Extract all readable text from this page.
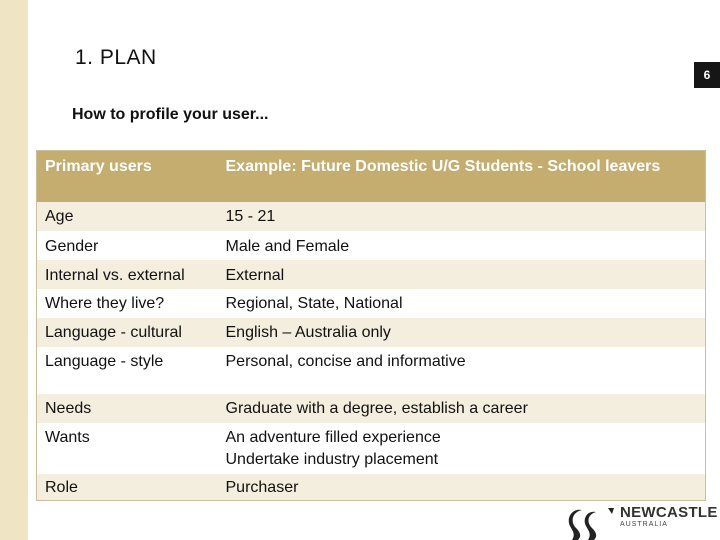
1. PLAN
6
How to profile your user...
Primary users	Example: Future Domestic U/G Students - School leavers
Age	15 - 21
Gender	Male and Female
Internal vs. external	External
Where they live?	Regional, State, National
Language - cultural	English – Australia only
Language - style	Personal, concise and informative
Needs	Graduate with a degree, establish a career
Wants	An adventure filled experience
Undertake industry placement

Role	Purchaser
NEWCASTLE
AUSTRALIA
